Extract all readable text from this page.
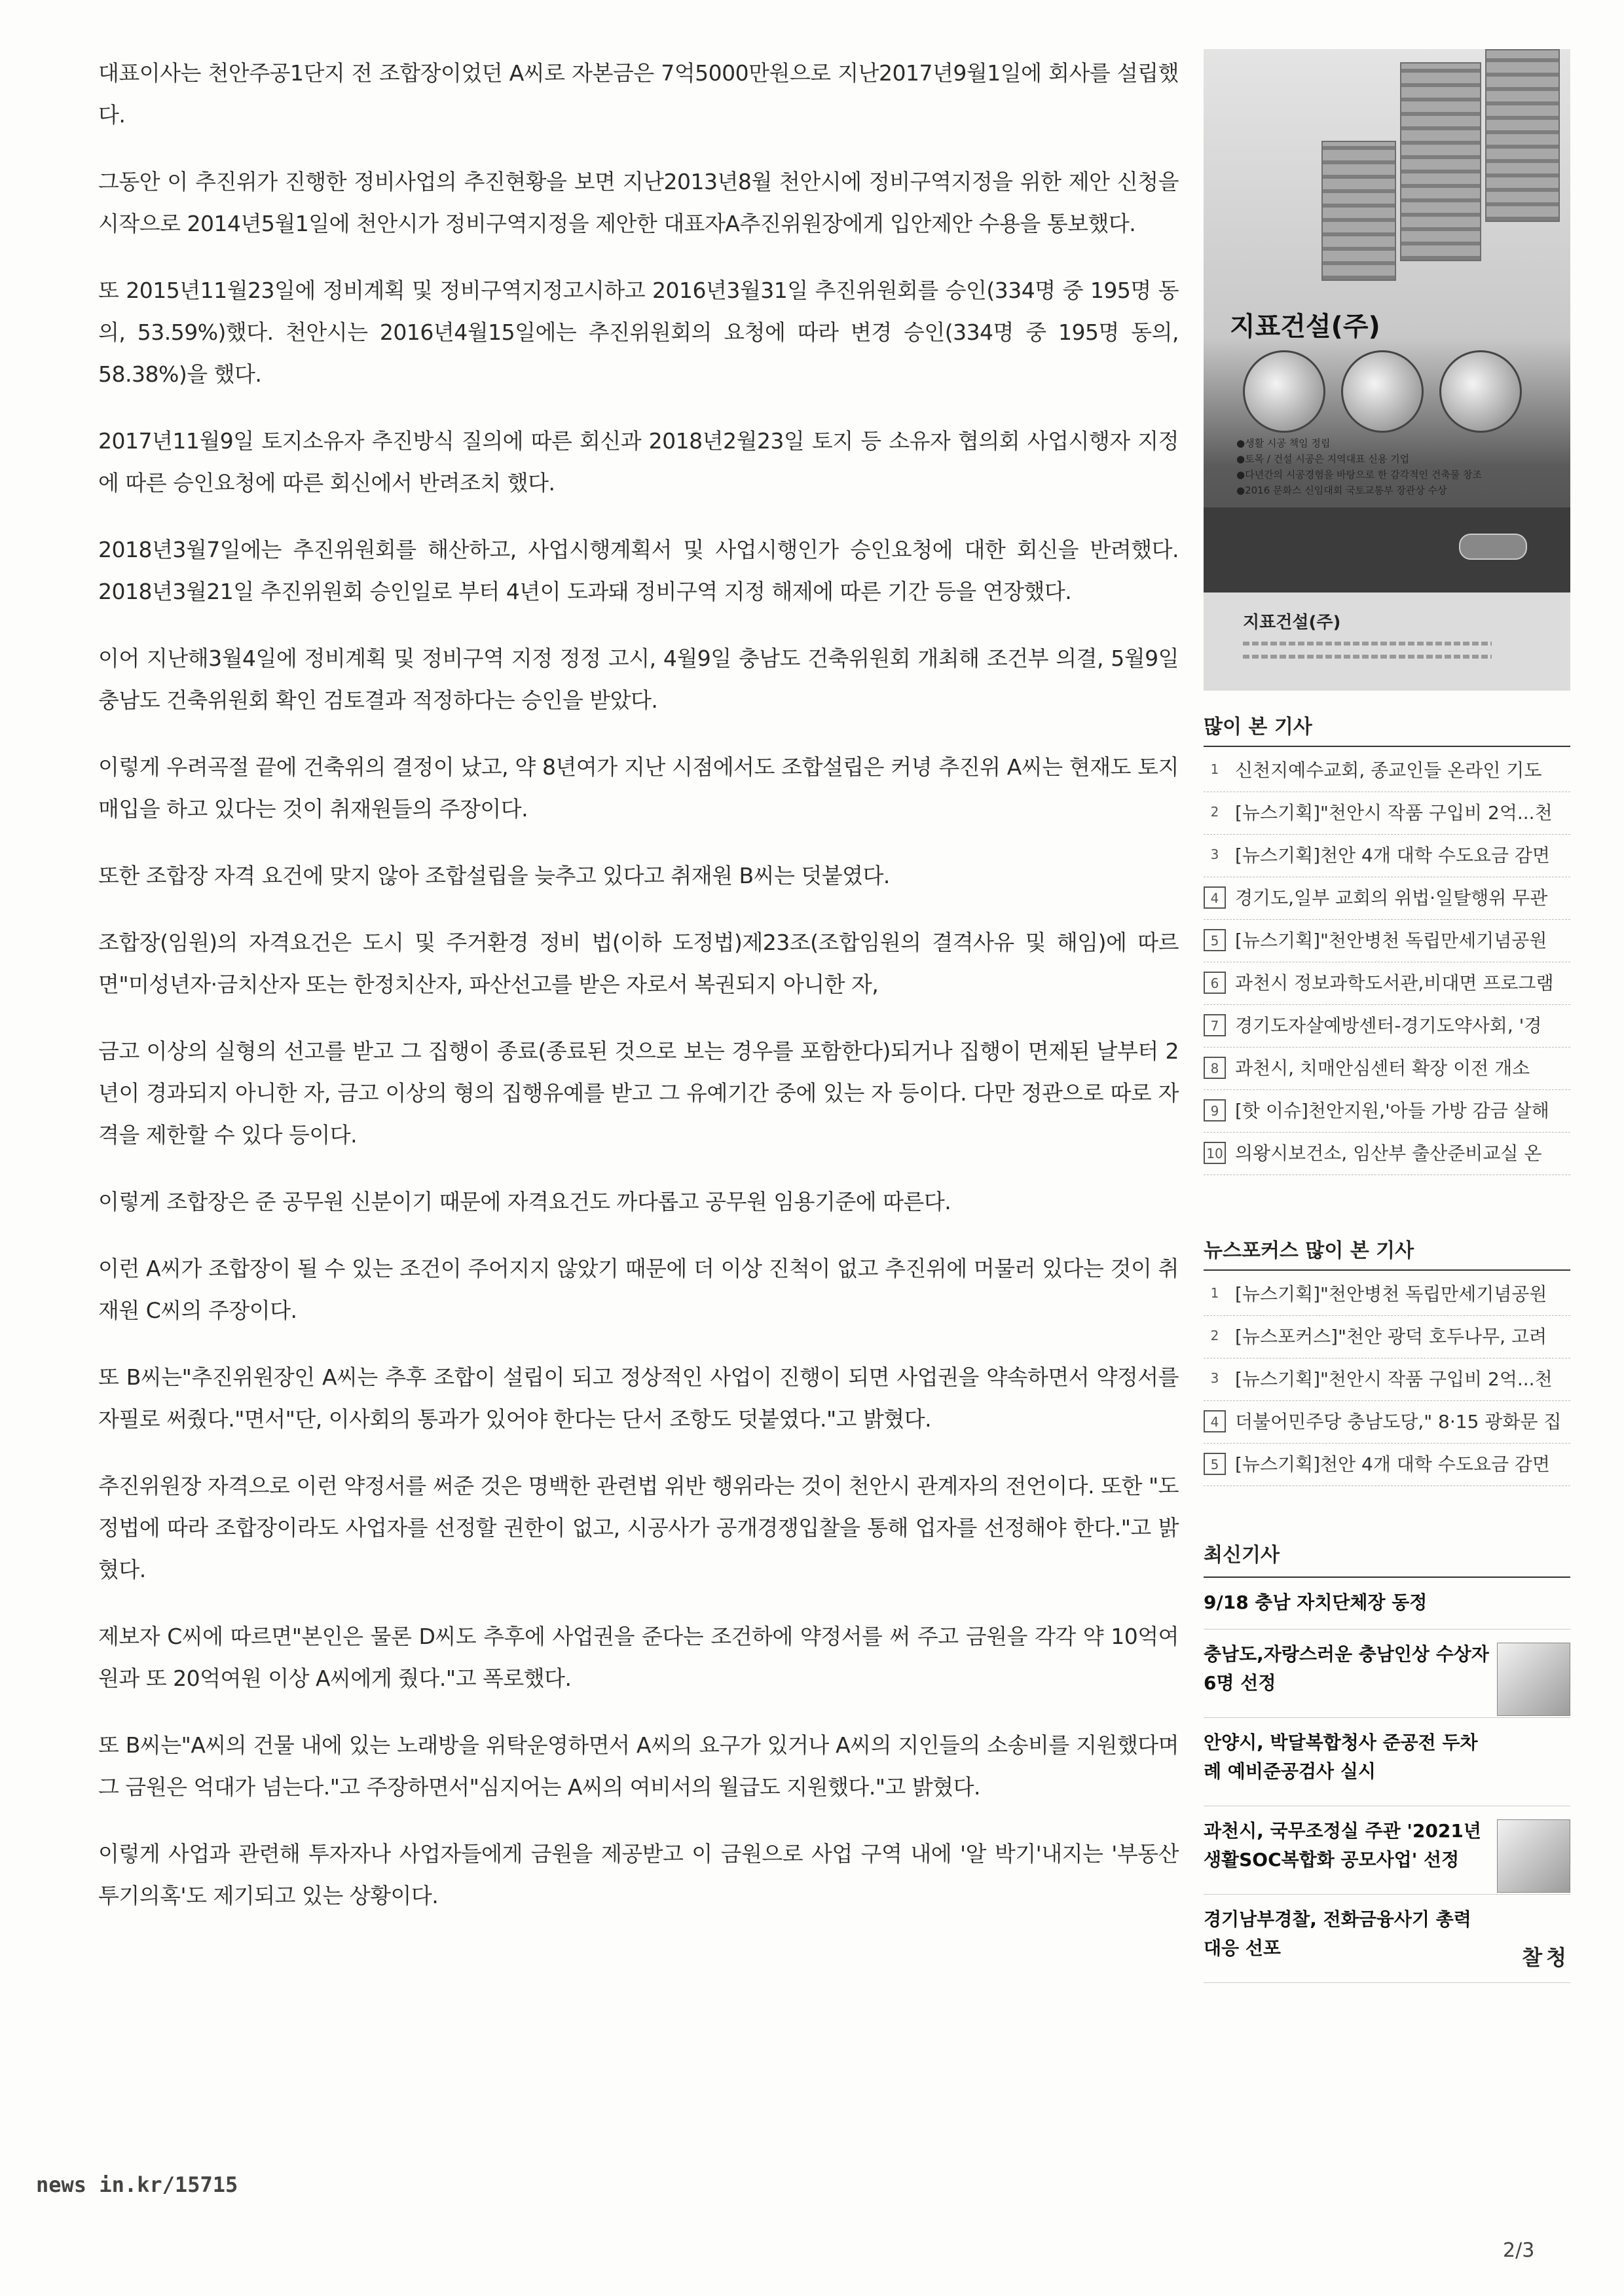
대표이사는 천안주공1단지 전 조합장이었던 A씨로 자본금은 7억5000만원으로 지난2017년9월1일에 회사를 설립했다.

그동안 이 추진위가 진행한 정비사업의 추진현황을 보면 지난2013년8월 천안시에 정비구역지정을 위한 제안 신청을 시작으로 2014년5월1일에 천안시가 정비구역지정을 제안한 대표자A추진위원장에게 입안제안 수용을 통보했다.

또 2015년11월23일에 정비계획 및 정비구역지정고시하고 2016년3월31일 추진위원회를 승인(334명 중 195명 동의, 53.59%)했다. 천안시는 2016년4월15일에는 추진위원회의 요청에 따라 변경 승인(334명 중 195명 동의, 58.38%)을 했다.

2017년11월9일 토지소유자 추진방식 질의에 따른 회신과 2018년2월23일 토지 등 소유자 협의회 사업시행자 지정에 따른 승인요청에 따른 회신에서 반려조치 했다.

2018년3월7일에는 추진위원회를 해산하고, 사업시행계획서 및 사업시행인가 승인요청에 대한 회신을 반려했다. 2018년3월21일 추진위원회 승인일로 부터 4년이 도과돼 정비구역 지정 해제에 따른 기간 등을 연장했다.

이어 지난해3월4일에 정비계획 및 정비구역 지정 정정 고시, 4월9일 충남도 건축위원회 개최해 조건부 의결, 5월9일 충남도 건축위원회 확인 검토결과 적정하다는 승인을 받았다.

이렇게 우려곡절 끝에 건축위의 결정이 났고, 약 8년여가 지난 시점에서도 조합설립은 커녕 추진위 A씨는 현재도 토지매입을 하고 있다는 것이 취재원들의 주장이다.

또한 조합장 자격 요건에 맞지 않아 조합설립을 늦추고 있다고 취재원 B씨는 덧붙였다.

조합장(임원)의 자격요건은 도시 및 주거환경 정비 법(이하 도정법)제23조(조합임원의 결격사유 및 해임)에 따르면"미성년자·금치산자 또는 한정치산자, 파산선고를 받은 자로서 복권되지 아니한 자,

금고 이상의 실형의 선고를 받고 그 집행이 종료(종료된 것으로 보는 경우를 포함한다)되거나 집행이 면제된 날부터 2년이 경과되지 아니한 자, 금고 이상의 형의 집행유예를 받고 그 유예기간 중에 있는 자 등이다. 다만 정관으로 따로 자격을 제한할 수 있다 등이다.

이렇게 조합장은 준 공무원 신분이기 때문에 자격요건도 까다롭고 공무원 임용기준에 따른다.

이런 A씨가 조합장이 될 수 있는 조건이 주어지지 않았기 때문에 더 이상 진척이 없고 추진위에 머물러 있다는 것이 취재원 C씨의 주장이다.

또 B씨는"추진위원장인 A씨는 추후 조합이 설립이 되고 정상적인 사업이 진행이 되면 사업권을 약속하면서 약정서를 자필로 써줬다."면서"단, 이사회의 통과가 있어야 한다는 단서 조항도 덧붙였다."고 밝혔다.

추진위원장 자격으로 이런 약정서를 써준 것은 명백한 관련법 위반 행위라는 것이 천안시 관계자의 전언이다. 또한 "도정법에 따라 조합장이라도 사업자를 선정할 권한이 없고, 시공사가 공개경쟁입찰을 통해 업자를 선정해야 한다."고 밝혔다.

제보자 C씨에 따르면"본인은 물론 D씨도 추후에 사업권을 준다는 조건하에 약정서를 써 주고 금원을 각각 약 10억여원과 또 20억여원 이상 A씨에게 줬다."고 폭로했다.

또 B씨는"A씨의 건물 내에 있는 노래방을 위탁운영하면서 A씨의 요구가 있거나 A씨의 지인들의 소송비를 지원했다며 그 금원은 억대가 넘는다."고 주장하면서"심지어는 A씨의 여비서의 월급도 지원했다."고 밝혔다.

이렇게 사업과 관련해 투자자나 사업자들에게 금원을 제공받고 이 금원으로 사업 구역 내에 '알 박기'내지는 '부동산 투기의혹'도 제기되고 있는 상황이다.

지표건설(주)
●생활 시공 책임 정립
●토목 / 건설 시공은 지역대표 신용 기업
●다년간의 시공경험을 바탕으로 한 감각적인 건축물 창조
●2016 문화스 신임대회 국토교통부 장관상 수상
지표건설(주)
많이 본 기사
1 신천지예수교회, 종교인들 온라인 기도
2 [뉴스기획]"천안시 작품 구입비 2억...천
3 [뉴스기획]천안 4개 대학 수도요금 감면
4 경기도,일부 교회의 위법·일탈행위 무관
5 [뉴스기획]"천안병천 독립만세기념공원
6 과천시 정보과학도서관,비대면 프로그램
7 경기도자살예방센터-경기도약사회, '경
8 과천시, 치매안심센터 확장 이전 개소
9 [핫 이슈]천안지원,'아들 가방 감금 살해
10 의왕시보건소, 임산부 출산준비교실 온
뉴스포커스 많이 본 기사
1 [뉴스기획]"천안병천 독립만세기념공원
2 [뉴스포커스]"천안 광덕 호두나무, 고려
3 [뉴스기획]"천안시 작품 구입비 2억...천
4 더불어민주당 충남도당," 8·15 광화문 집
5 [뉴스기획]천안 4개 대학 수도요금 감면
최신기사
9/18 충남 자치단체장 동정
충남도,자랑스러운 충남인상 수상자 6명 선정
안양시, 박달복합청사 준공전 두차례 예비준공검사 실시
과천시, 국무조정실 주관 '2021년 생활SOC복합화 공모사업' 선정
경기남부경찰, 전화금융사기 총력 대응 선포	찰청
news in.kr/15715
2/3
